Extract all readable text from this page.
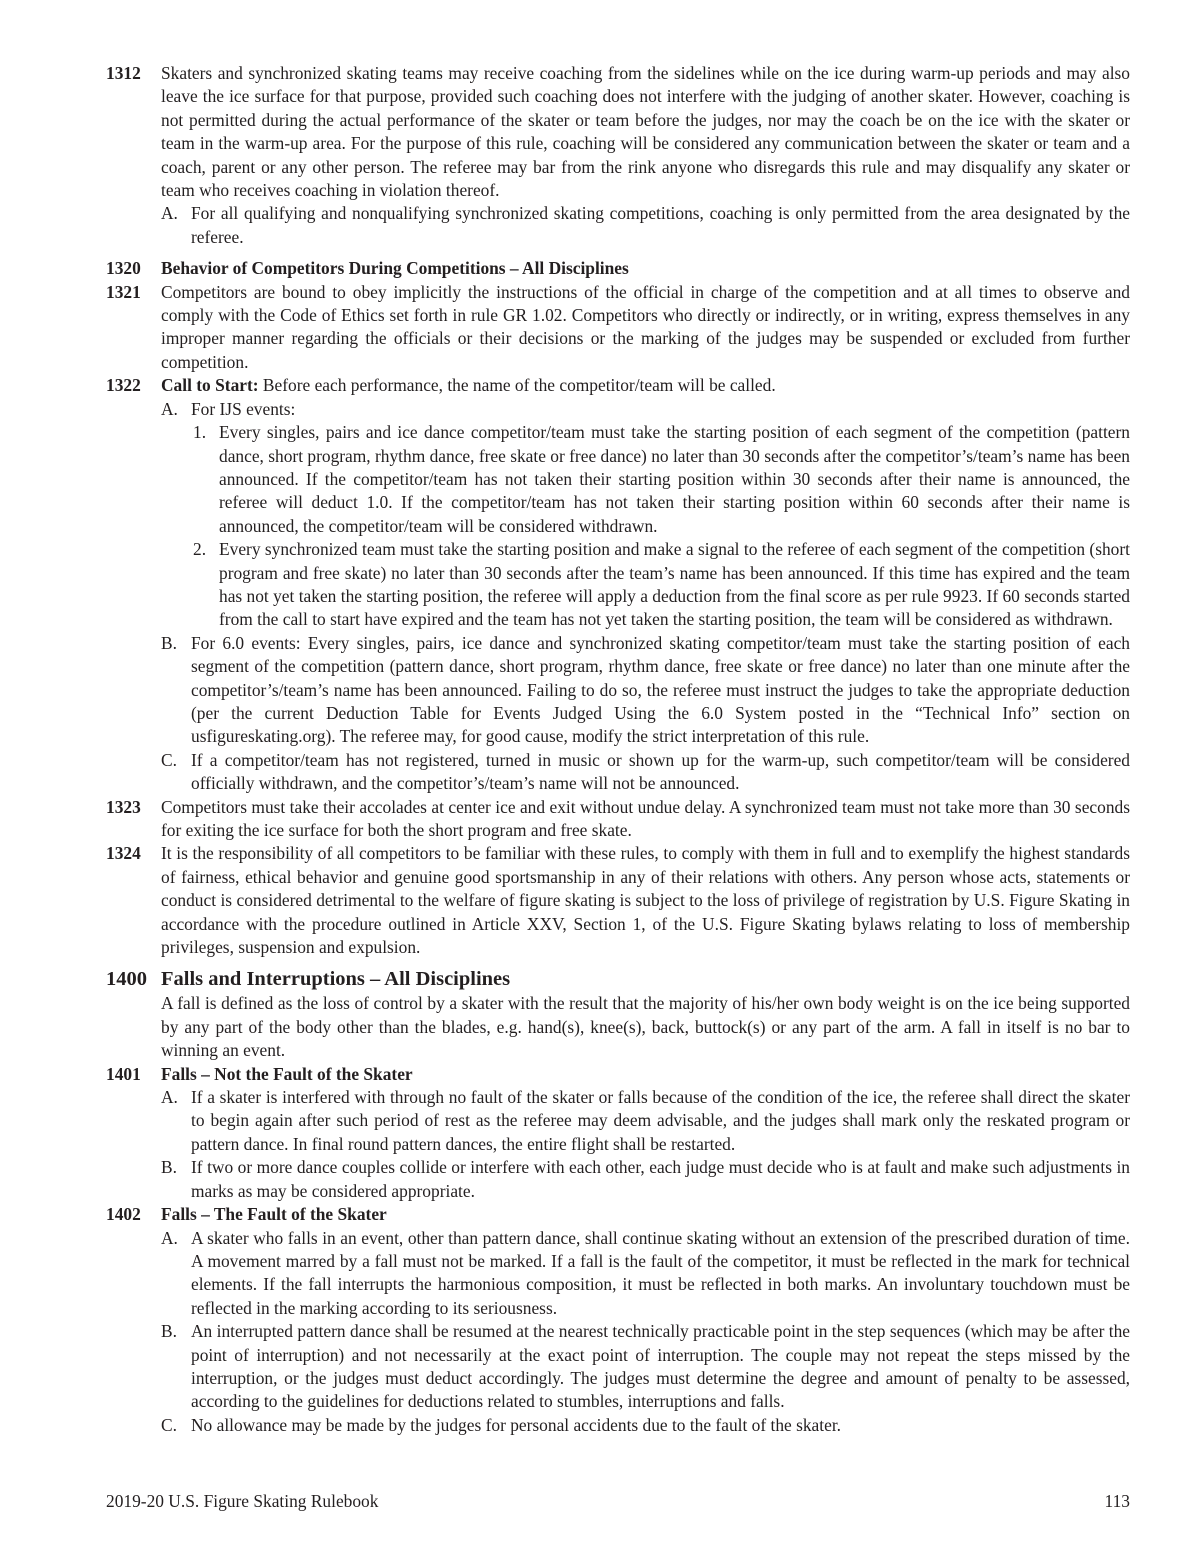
1312 Skaters and synchronized skating teams may receive coaching from the sidelines while on the ice during warm-up periods and may also leave the ice surface for that purpose, provided such coaching does not interfere with the judging of another skater. However, coaching is not permitted during the actual performance of the skater or team before the judges, nor may the coach be on the ice with the skater or team in the warm-up area. For the purpose of this rule, coaching will be considered any communication between the skater or team and a coach, parent or any other person. The referee may bar from the rink anyone who disregards this rule and may disqualify any skater or team who receives coaching in violation thereof.
A. For all qualifying and nonqualifying synchronized skating competitions, coaching is only permitted from the area designated by the referee.
1320 Behavior of Competitors During Competitions – All Disciplines
1321 Competitors are bound to obey implicitly the instructions of the official in charge of the competition and at all times to observe and comply with the Code of Ethics set forth in rule GR 1.02. Competitors who directly or indirectly, or in writing, express themselves in any improper manner regarding the officials or their decisions or the marking of the judges may be suspended or excluded from further competition.
1322 Call to Start: Before each performance, the name of the competitor/team will be called.
A. For IJS events:
1. Every singles, pairs and ice dance competitor/team must take the starting position of each segment of the competition (pattern dance, short program, rhythm dance, free skate or free dance) no later than 30 seconds after the competitor’s/team’s name has been announced. If the competitor/team has not taken their starting position within 30 seconds after their name is announced, the referee will deduct 1.0. If the competitor/team has not taken their starting position within 60 seconds after their name is announced, the competitor/team will be considered withdrawn.
2. Every synchronized team must take the starting position and make a signal to the referee of each segment of the competition (short program and free skate) no later than 30 seconds after the team’s name has been announced. If this time has expired and the team has not yet taken the starting position, the referee will apply a deduction from the final score as per rule 9923. If 60 seconds started from the call to start have expired and the team has not yet taken the starting position, the team will be considered as withdrawn.
B. For 6.0 events: Every singles, pairs, ice dance and synchronized skating competitor/team must take the starting position of each segment of the competition (pattern dance, short program, rhythm dance, free skate or free dance) no later than one minute after the competitor’s/team’s name has been announced. Failing to do so, the referee must instruct the judges to take the appropriate deduction (per the current Deduction Table for Events Judged Using the 6.0 System posted in the “Technical Info” section on usfigureskating.org). The referee may, for good cause, modify the strict interpretation of this rule.
C. If a competitor/team has not registered, turned in music or shown up for the warm-up, such competitor/team will be considered officially withdrawn, and the competitor’s/team’s name will not be announced.
1323 Competitors must take their accolades at center ice and exit without undue delay. A synchronized team must not take more than 30 seconds for exiting the ice surface for both the short program and free skate.
1324 It is the responsibility of all competitors to be familiar with these rules, to comply with them in full and to exemplify the highest standards of fairness, ethical behavior and genuine good sportsmanship in any of their relations with others. Any person whose acts, statements or conduct is considered detrimental to the welfare of figure skating is subject to the loss of privilege of registration by U.S. Figure Skating in accordance with the procedure outlined in Article XXV, Section 1, of the U.S. Figure Skating bylaws relating to loss of membership privileges, suspension and expulsion.
1400 Falls and Interruptions – All Disciplines
A fall is defined as the loss of control by a skater with the result that the majority of his/her own body weight is on the ice being supported by any part of the body other than the blades, e.g. hand(s), knee(s), back, buttock(s) or any part of the arm. A fall in itself is no bar to winning an event.
1401 Falls – Not the Fault of the Skater
A. If a skater is interfered with through no fault of the skater or falls because of the condition of the ice, the referee shall direct the skater to begin again after such period of rest as the referee may deem advisable, and the judges shall mark only the reskated program or pattern dance. In final round pattern dances, the entire flight shall be restarted.
B. If two or more dance couples collide or interfere with each other, each judge must decide who is at fault and make such adjustments in marks as may be considered appropriate.
1402 Falls – The Fault of the Skater
A. A skater who falls in an event, other than pattern dance, shall continue skating without an extension of the prescribed duration of time. A movement marred by a fall must not be marked. If a fall is the fault of the competitor, it must be reflected in the mark for technical elements. If the fall interrupts the harmonious composition, it must be reflected in both marks. An involuntary touchdown must be reflected in the marking according to its seriousness.
B. An interrupted pattern dance shall be resumed at the nearest technically practicable point in the step sequences (which may be after the point of interruption) and not necessarily at the exact point of interruption. The couple may not repeat the steps missed by the interruption, or the judges must deduct accordingly. The judges must determine the degree and amount of penalty to be assessed, according to the guidelines for deductions related to stumbles, interruptions and falls.
C. No allowance may be made by the judges for personal accidents due to the fault of the skater.
2019-20 U.S. Figure Skating Rulebook	113
